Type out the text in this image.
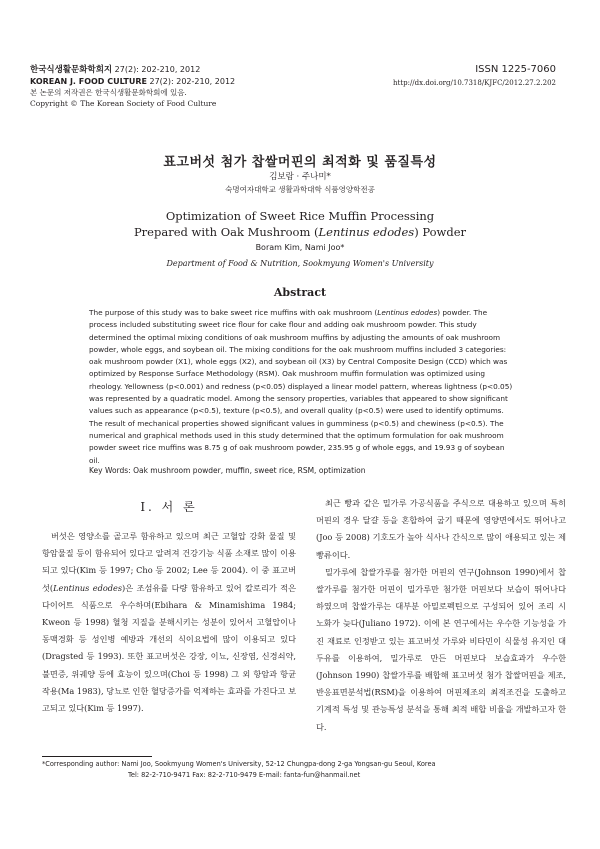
한국식생활문화학회지 27(2): 202-210, 2012
KOREAN J. FOOD CULTURE 27(2): 202-210, 2012
본 논문의 저작권은 한국식생활문화학회에 있음.
Copyright © The Korean Society of Food Culture
ISSN 1225-7060
http://dx.doi.org/10.7318/KJFC/2012.27.2.202
표고버섯 첨가 찹쌀머핀의 최적화 및 품질특성
김보람 · 주나미*
숙명여자대학교 생활과학대학 식품영양학전공
Optimization of Sweet Rice Muffin Processing
Prepared with Oak Mushroom (Lentinus edodes) Powder
Boram Kim, Nami Joo*
Department of Food & Nutrition, Sookmyung Women's University
Abstract

The purpose of this study was to bake sweet rice muffins with oak mushroom (Lentinus edodes) powder. The process included substituting sweet rice flour for cake flour and adding oak mushroom powder. This study determined the optimal mixing conditions of oak mushroom muffins by adjusting the amounts of oak mushroom powder, whole eggs, and soybean oil. The mixing conditions for the oak mushroom muffins included 3 categories: oak mushroom powder (X1), whole eggs (X2), and soybean oil (X3) by Central Composite Design (CCD) which was optimized by Response Surface Methodology (RSM). Oak mushroom muffin formulation was optimized using rheology. Yellowness (p<0.001) and redness (p<0.05) displayed a linear model pattern, whereas lightness (p<0.05) was represented by a quadratic model. Among the sensory properties, variables that appeared to show significant values such as appearance (p<0.5), texture (p<0.5), and overall quality (p<0.5) were used to identify optimums. The result of mechanical properties showed significant values in gumminess (p<0.5) and chewiness (p<0.5). The numerical and graphical methods used in this study determined that the optimum formulation for oak mushroom powder sweet rice muffins was 8.75 g of oak mushroom powder, 235.95 g of whole eggs, and 19.93 g of soybean oil.

Key Words: Oak mushroom powder, muffin, sweet rice, RSM, optimization
Ⅰ. 서 론

버섯은 영양소를 골고루 함유하고 있으며 최근 고혈압 강화 물질 및 항암물질 등이 함유되어 있다고 알려져 건강기능 식품 소재로 많이 이용되고 있다(Kim 등 1997; Cho 등 2002; Lee 등 2004). 이 중 표고버섯(Lentinus edodes)은 조섬유를 다량 함유하고 있어 칼로리가 적은 다이어트 식품으로 우수하며(Ebihara & Minamishima 1984; Kweon 등 1998) 혈청 지질을 분해시키는 성분이 있어서 고혈압이나 동맥경화 등 성인병 예방과 개선의 식이요법에 많이 이용되고 있다(Dragsted 등 1993). 또한 표고버섯은 강장, 이뇨, 신장염, 신경쇠약, 불면증, 위궤양 등에 효능이 있으며(Choi 등 1998) 그 외 항암과 항균작용(Ma 1983), 당뇨로 인한 혈당증가를 억제하는 효과를 가진다고 보고되고 있다(Kim 등 1997).

최근 빵과 같은 밀가루 가공식품을 주식으로 대용하고 있으며 특히 머핀의 경우 달걀 등을 혼합하여 굽기 때문에 영양면에서도 뛰어나고(Joo 등 2008) 기호도가 높아 식사나 간식으로 많이 애용되고 있는 제빵류이다.

밀가루에 찹쌀가루를 첨가한 머핀의 연구(Johnson 1990)에서 찹쌀가루를 첨가한 머핀이 밀가루만 첨가한 머핀보다 보습이 뛰어나다 하였으며 찹쌀가루는 대부분 아밀로펙틴으로 구성되어 있어 조리 시 노화가 늦다(Juliano 1972). 이에 본 연구에서는 우수한 기능성을 가진 재료로 인정받고 있는 표고버섯 가루와 비타민이 식물성 유지인 대두유를 이용하여, 밀가루로 만든 머핀보다 보습효과가 우수한(Johnson 1990) 찹쌀가루를 배합해 표고버섯 첨가 찹쌀머핀을 제조, 반응표면분석법(RSM)을 이용하여 머핀제조의 최적조건을 도출하고 기계적 특성 및 관능특성 분석을 통해 최적 배합 비율을 개발하고자 한다.

*Corresponding author: Nami Joo, Sookmyung Women's University, 52-12 Chungpa-dong 2-ga Yongsan-gu Seoul, Korea
Tel: 82-2-710-9471 Fax: 82-2-710-9479 E-mail: fanta-fun@hanmail.net
